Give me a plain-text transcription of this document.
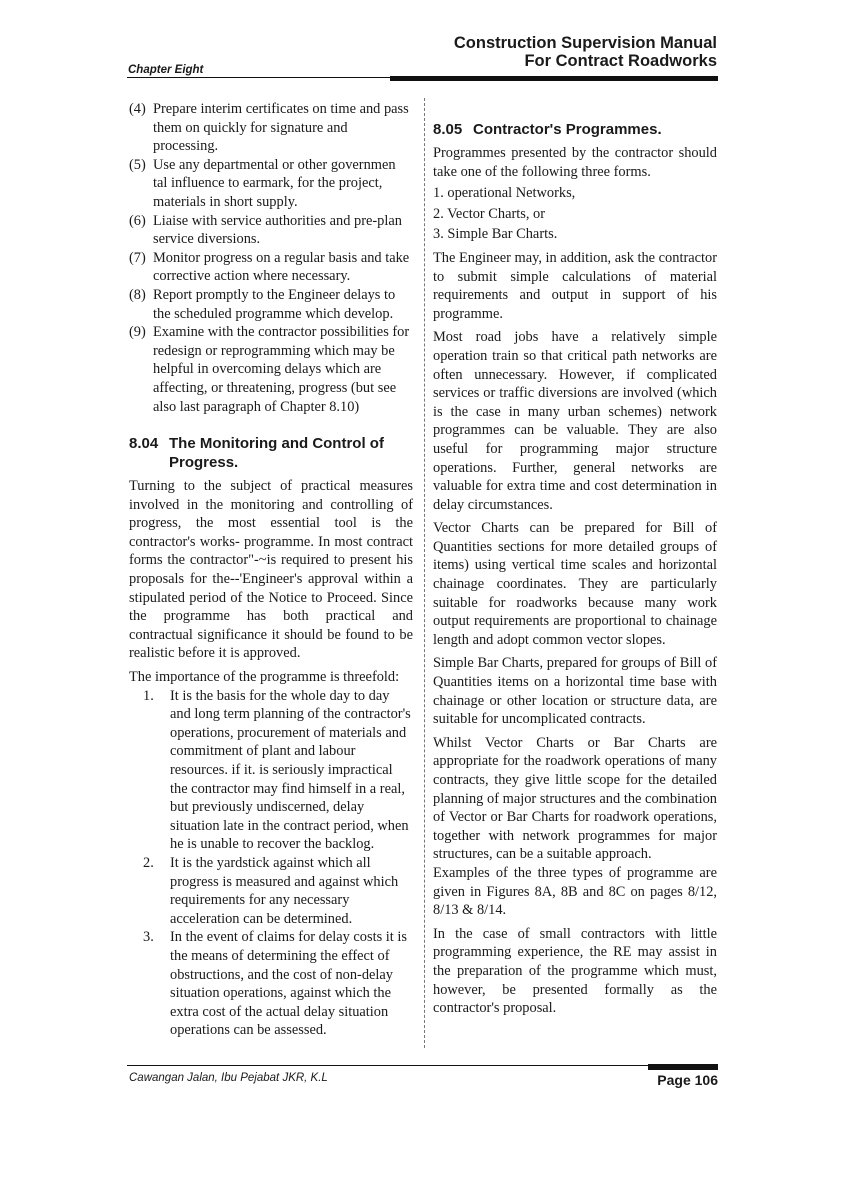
Construction Supervision Manual
For Contract Roadworks
Chapter Eight
(4) Prepare interim certificates on time and pass them on quickly for signature and processing.
(5) Use any departmental or other governmen tal influence to earmark, for the project, materials in short supply.
(6) Liaise with service authorities and pre-plan service diversions.
(7) Monitor progress on a regular basis and take corrective action where necessary.
(8) Report promptly to the Engineer delays to the scheduled programme which develop.
(9) Examine with the contractor possibilities for redesign or reprogramming which may be helpful in overcoming delays which are affecting, or threatening, progress (but see also last paragraph of Chapter 8.10)
8.04 The Monitoring and Control of
Progress.

Turning to the subject of practical measures involved in the monitoring and controlling of progress, the most essential tool is the contractor's works- programme. In most contract forms the contractor"-~is required to present his proposals for the--'Engineer's approval within a stipulated period of the Notice to Proceed. Since the programme has both practical and contractual significance it should be found to be realistic before it is approved.

The importance of the programme is threefold:

1. It is the basis for the whole day to day and long term planning of the contractor's operations, procurement of materials and commitment of plant and labour resources. if it. is seriously impractical the contractor may find himself in a real, but previously undiscerned, delay situation late in the contract period, when he is unable to recover the backlog.
2. It is the yardstick against which all progress is measured and against which requirements for any necessary acceleration can be determined.
3. In the event of claims for delay costs it is the means of determining the effect of obstructions, and the cost of non-delay situation operations, against which the extra cost of the actual delay situation operations can be assessed.
8.05 Contractor's Programmes.

Programmes presented by the contractor should take one of the following three forms.

1. operational Networks,
2. Vector Charts, or
3. Simple Bar Charts.

The Engineer may, in addition, ask the contractor to submit simple calculations of material requirements and output in support of his programme.

Most road jobs have a relatively simple operation train so that critical path networks are often unnecessary. However, if complicated services or traffic diversions are involved (which is the case in many urban schemes) network programmes can be valuable. They are also useful for programming major structure operations. Further, general networks are valuable for extra time and cost determination in delay circumstances.

Vector Charts can be prepared for Bill of Quantities sections for more detailed groups of items) using vertical time scales and horizontal chainage coordinates. They are particularly suitable for roadworks because many work output requirements are proportional to chainage length and adopt common vector slopes.

Simple Bar Charts, prepared for groups of Bill of Quantities items on a horizontal time base with chainage or other location or structure data, are suitable for uncomplicated contracts.

Whilst Vector Charts or Bar Charts are appropriate for the roadwork operations of many contracts, they give little scope for the detailed planning of major structures and the combination of Vector or Bar Charts for roadwork operations, together with network programmes for major structures, can be a suitable approach.

Examples of the three types of programme are given in Figures 8A, 8B and 8C on pages 8/12, 8/13 & 8/14.

In the case of small contractors with little programming experience, the RE may assist in the preparation of the programme which must, however, be presented formally as the contractor's proposal.

Cawangan Jalan, Ibu Pejabat JKR, K.L	Page 106
